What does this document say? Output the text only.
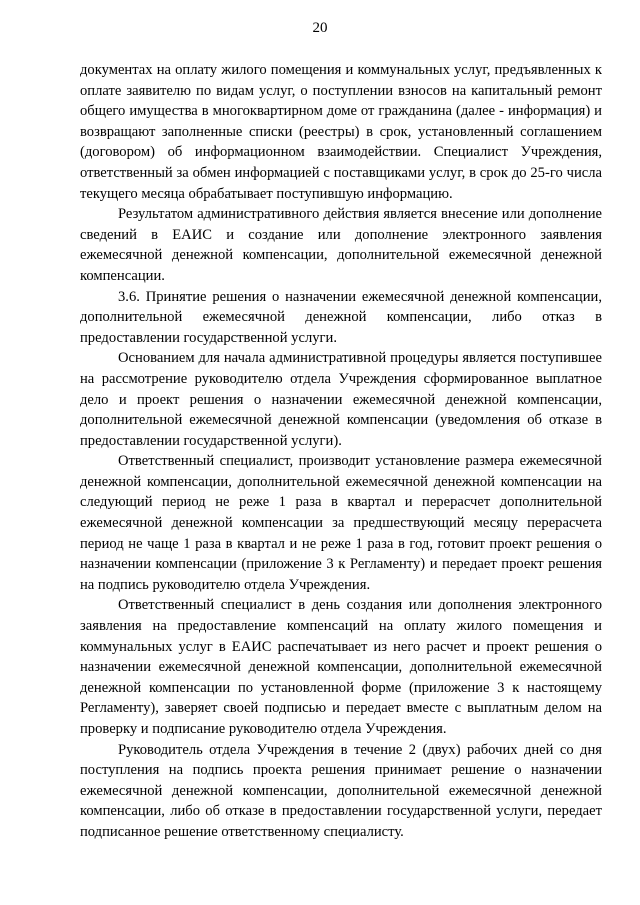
20

документах на оплату жилого помещения и коммунальных услуг, предъявленных к оплате заявителю по видам услуг, о поступлении взносов на капитальный ремонт общего имущества в многоквартирном доме от гражданина (далее - информация) и возвращают заполненные списки (реестры) в срок, установленный соглашением (договором) об информационном взаимодействии. Специалист Учреждения, ответственный за обмен информацией с поставщиками услуг, в срок до 25-го числа текущего месяца обрабатывает поступившую информацию.

Результатом административного действия является внесение или дополнение сведений в ЕАИС и создание или дополнение электронного заявления ежемесячной денежной компенсации, дополнительной ежемесячной денежной компенсации.

3.6. Принятие решения о назначении ежемесячной денежной компенсации, дополнительной ежемесячной денежной компенсации, либо отказ в предоставлении государственной услуги.

Основанием для начала административной процедуры является поступившее на рассмотрение руководителю отдела Учреждения сформированное выплатное дело и проект решения о назначении ежемесячной денежной компенсации, дополнительной ежемесячной денежной компенсации (уведомления об отказе в предоставлении государственной услуги).

Ответственный специалист, производит установление размера ежемесячной денежной компенсации, дополнительной ежемесячной денежной компенсации на следующий период не реже 1 раза в квартал и перерасчет дополнительной ежемесячной денежной компенсации за предшествующий месяцу перерасчета период не чаще 1 раза в квартал и не реже 1 раза в год, готовит проект решения о назначении компенсации (приложение 3 к Регламенту) и передает проект решения на подпись руководителю отдела Учреждения.

Ответственный специалист в день создания или дополнения электронного заявления на предоставление компенсаций на оплату жилого помещения и коммунальных услуг в ЕАИС распечатывает из него расчет и проект решения о назначении ежемесячной денежной компенсации, дополнительной ежемесячной денежной компенсации по установленной форме (приложение 3 к настоящему Регламенту), заверяет своей подписью и передает вместе с выплатным делом на проверку и подписание руководителю отдела Учреждения.

Руководитель отдела Учреждения в течение 2 (двух) рабочих дней со дня поступления на подпись проекта решения принимает решение о назначении ежемесячной денежной компенсации, дополнительной ежемесячной денежной компенсации, либо об отказе в предоставлении государственной услуги, передает подписанное решение ответственному специалисту.
